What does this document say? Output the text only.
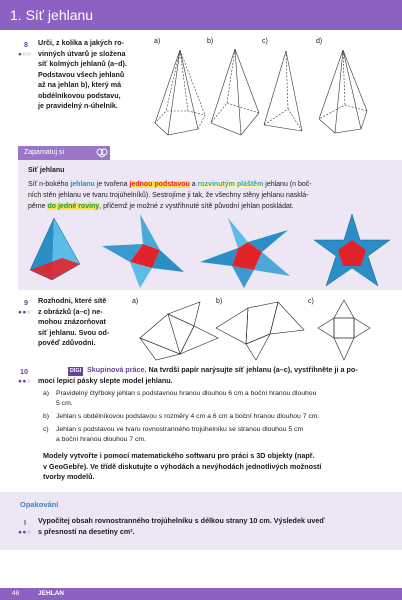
1. Síť jehlanu
8
●○○
Urči, z kolika a jakých ro-
vinných útvarů je složena
síť kolmých jehlanů (a–d).
Podstavou všech jehlanů
až na jehlan b), který má
obdélníkovou podstavu,
je pravidelný n-úhelník.
a)	b)	c)	d)
Zapamatuj si
Síť jehlanu
Síť n-bokého jehlanu je tvořena jednou podstavou a rozvinutým pláštěm jehlanu (n boč-
ních stěn jehlanu ve tvaru trojúhelníků). Sestrojíme ji tak, že všechny stěny jehlanu nasklá-
pěme do jedné roviny, přičemž je možné z vystřihnuté sítě původní jehlan poskládat.
9
●●○
Rozhodni, které sítě
z obrázků (a–c) ne-
mohou znázorňovat
síť jehlanu. Svou od-
pověď zdůvodni.
a)	b)	c)
10
●●○
DIGI Skupinová práce. Na tvrdší papír narýsujte síť jehlanu (a–c), vystřihněte ji a po-
mocí lepicí pásky slepte model jehlanu.
a) Pravidelný čtyřboký jehlan s podstavnou hranou dlouhou 6 cm a boční hranou dlouhou
5 cm.
b) Jehlan s obdélníkovou podstavou s rozměry 4 cm a 6 cm a boční hranou dlouhou 7 cm.
c) Jehlan s podstavou ve tvaru rovnostranného trojúhelníku se stranou dlouhou 5 cm
a boční hranou dlouhou 7 cm.
Modely vytvořte i pomocí matematického softwaru pro práci s 3D objekty (např.
v GeoGebře). Ve třídě diskutujte o výhodách a nevýhodách jednotlivých možností
tvorby modelů.
Opakování
I
●●○
Vypočítej obsah rovnostranného trojúhelníku s délkou strany 10 cm. Výsledek uveď
s přesností na desetiny cm².
48	JEHLAN
